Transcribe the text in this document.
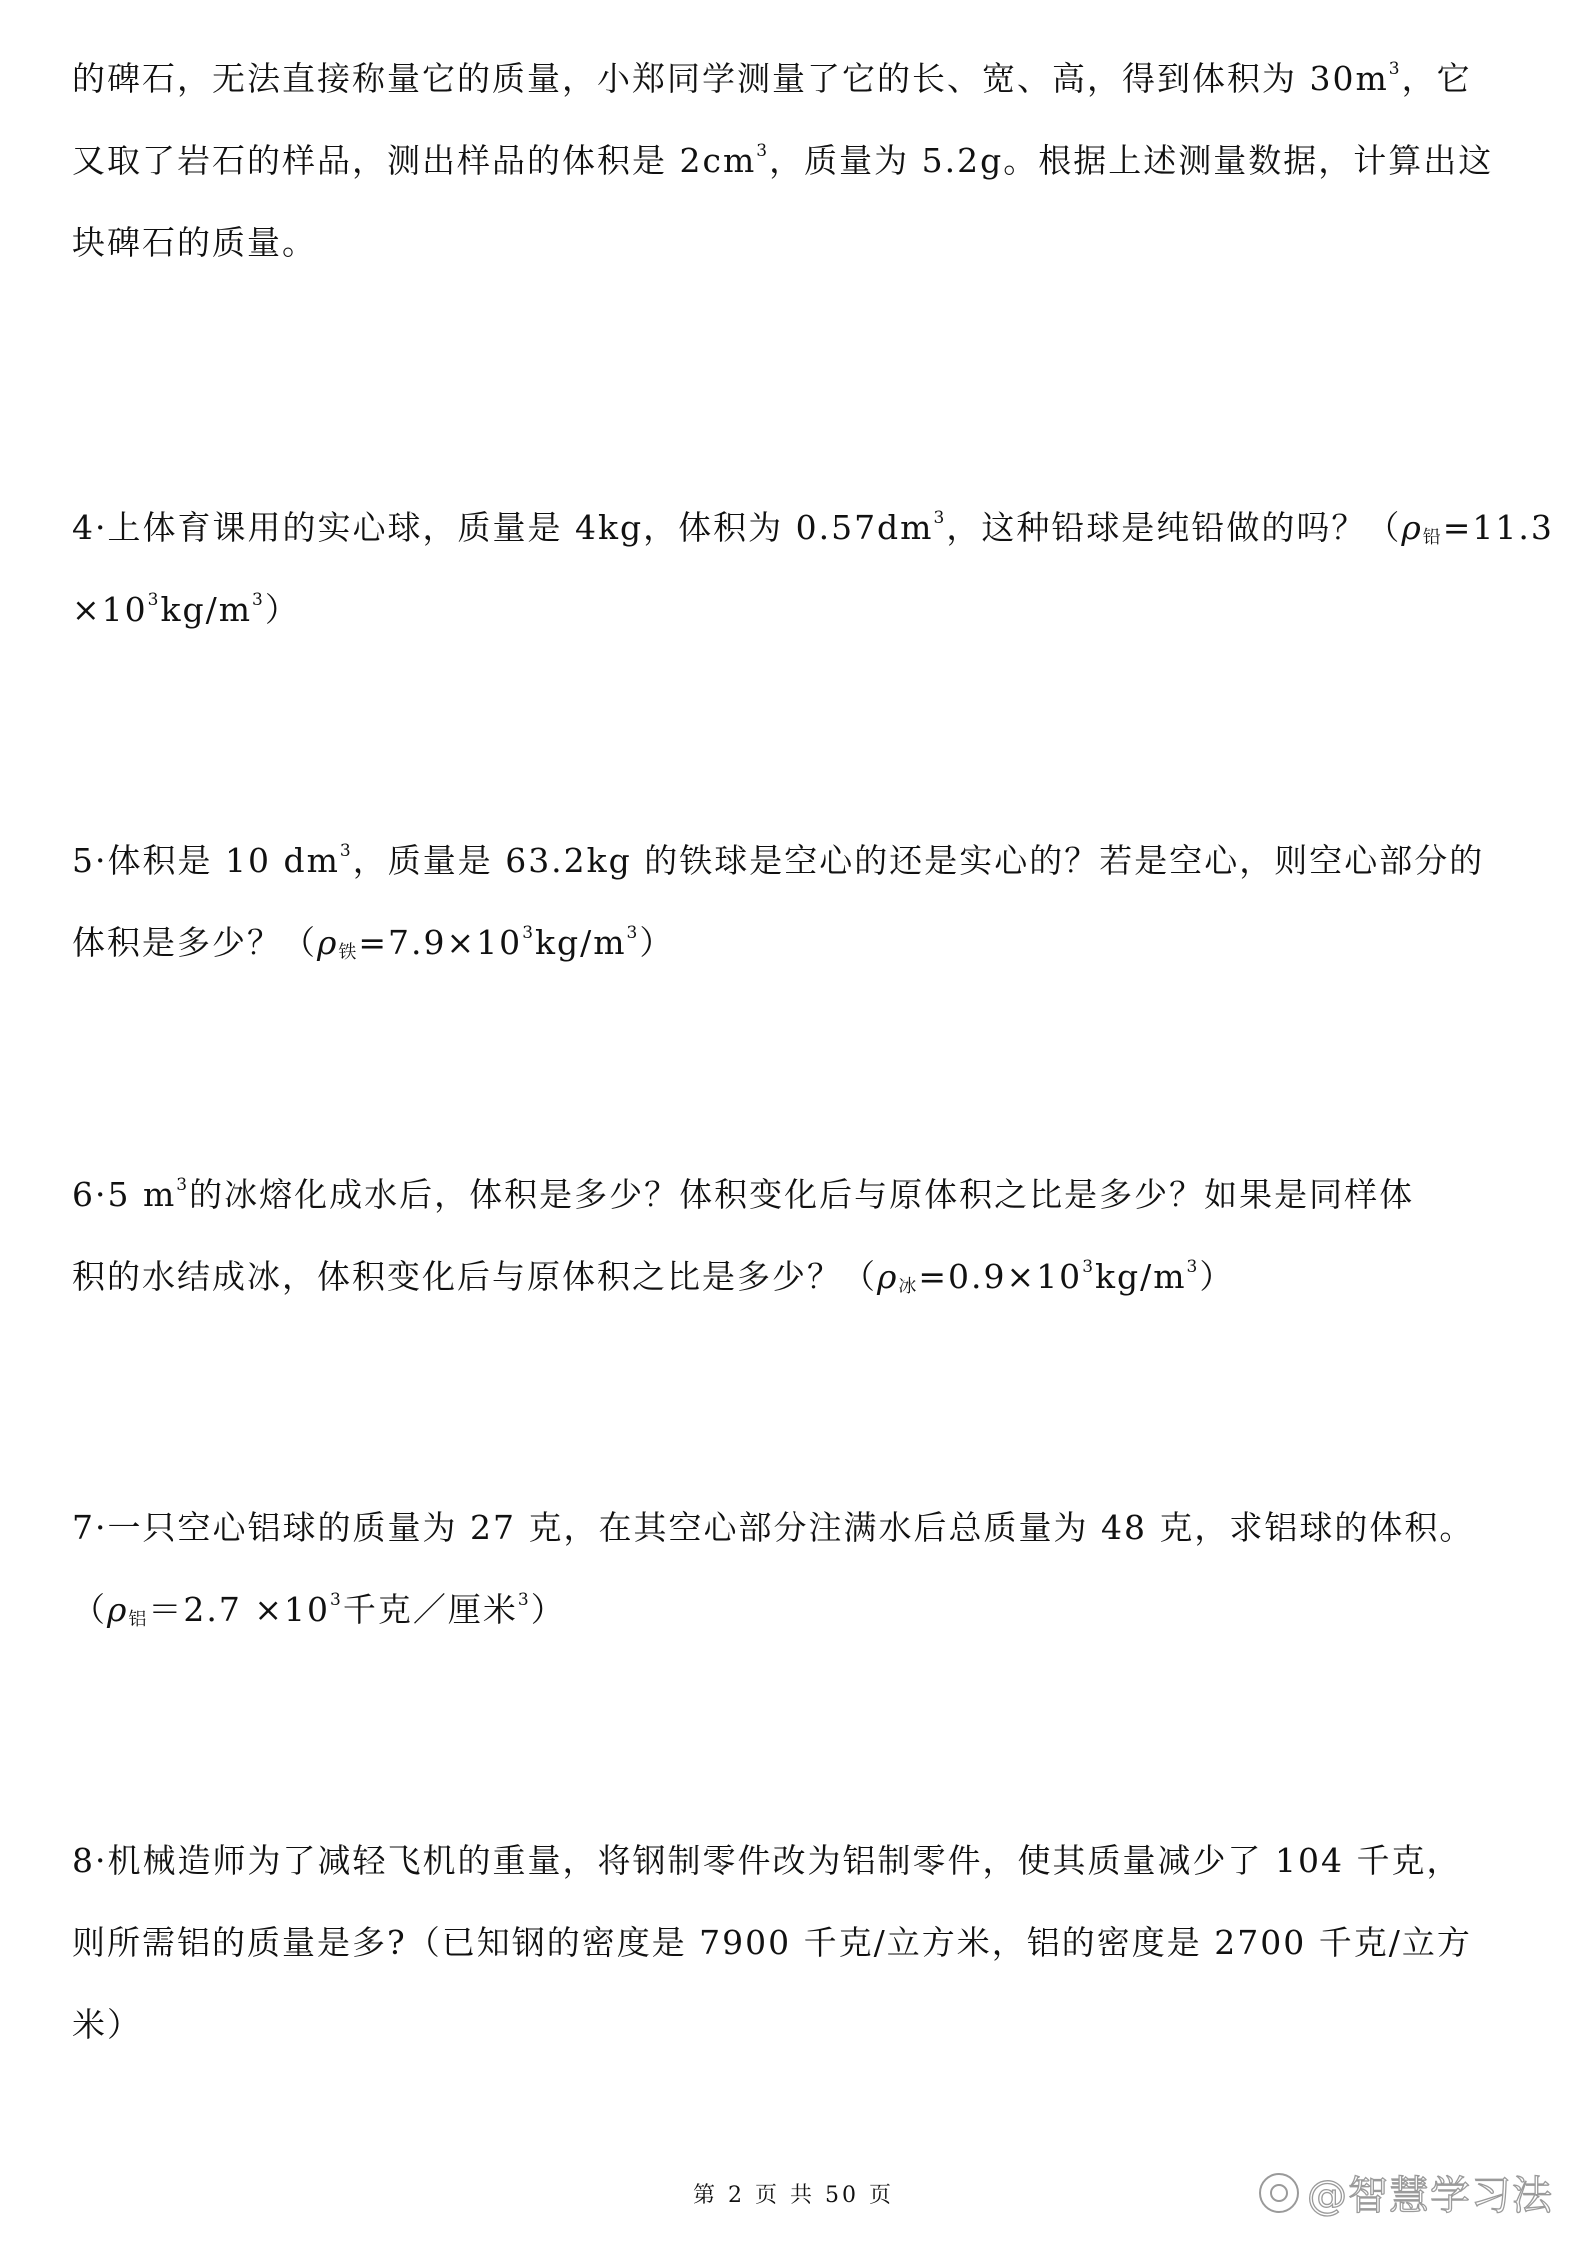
的碑石，无法直接称量它的质量，小郑同学测量了它的长、宽、高，得到体积为 $30m^3$，它
又取了岩石的样品，测出样品的体积是 $2cm^3$，质量为 5.2g。根据上述测量数据，计算出这
块碑石的质量。
4·上体育课用的实心球，质量是 4kg，体积为 $0.57dm^3$，这种铅球是纯铅做的吗？（$\rho_铅=11.3$
$\times 10^3kg/m^3$）
5·体积是 10 $dm^3$，质量是 63.2kg 的铁球是空心的还是实心的？若是空心，则空心部分的
体积是多少？$(\rho_铁=7.9\times 10^3kg/m^3)$
6·5 $m^3$的冰熔化成水后，体积是多少？体积变化后与原体积之比是多少？如果是同样体
积的水结成冰，体积变化后与原体积之比是多少？$(\rho_冰=0.9\times 10^3kg/m^3)$
7·一只空心铝球的质量为 27 克，在其空心部分注满水后总质量为 48 克，求铝球的体积。
（$\rho_铝=2.7 \times 10^3$千克／厘米$^3$）
8·机械造师为了减轻飞机的重量，将钢制零件改为铝制零件，使其质量减少了 104 千克，
则所需铝的质量是多?（已知钢的密度是 7900 千克/立方米，铝的密度是 2700 千克/立方
米）
第 2 页 共 50 页	@智慧学习法
